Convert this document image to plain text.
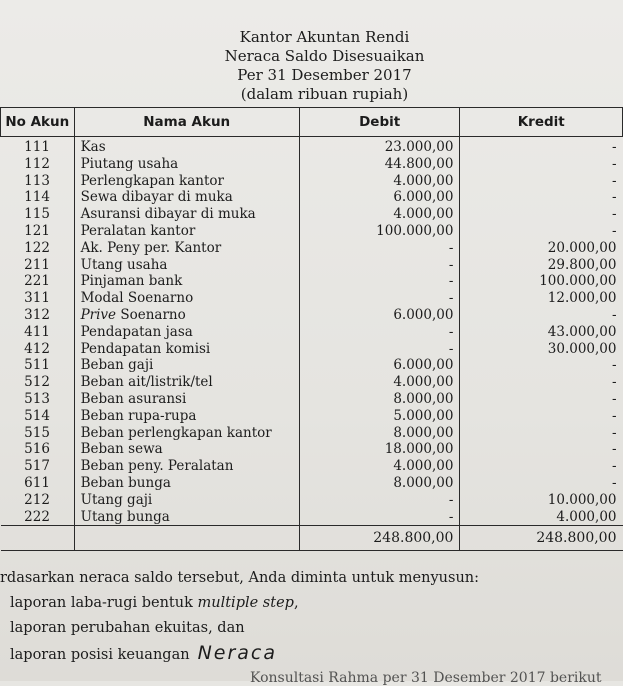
Kantor Akuntan Rendi
Neraca Saldo Disesuaikan
Per 31 Desember 2017
(dalam ribuan rupiah)
No Akun	Nama Akun	Debit	Kredit
111	Kas	23.000,00	-
112	Piutang usaha	44.800,00	-
113	Perlengkapan kantor	4.000,00	-
114	Sewa dibayar di muka	6.000,00	-
115	Asuransi dibayar di muka	4.000,00	-
121	Peralatan kantor	100.000,00	-
122	Ak. Peny per. Kantor	-	20.000,00
211	Utang usaha	-	29.800,00
221	Pinjaman bank	-	100.000,00
311	Modal Soenarno	-	12.000,00
312	Prive Soenarno	6.000,00	-
411	Pendapatan jasa	-	43.000,00
412	Pendapatan komisi	-	30.000,00
511	Beban gaji	6.000,00	-
512	Beban ait/listrik/tel	4.000,00	-
513	Beban asuransi	8.000,00	-
514	Beban rupa-rupa	5.000,00	-
515	Beban perlengkapan kantor	8.000,00	-
516	Beban sewa	18.000,00	-
517	Beban peny. Peralatan	4.000,00	-
611	Beban bunga	8.000,00	-
212	Utang gaji	-	10.000,00
222	Utang bunga	-	4.000,00
		248.800,00	248.800,00
rdasarkan neraca saldo tersebut, Anda diminta untuk menyusun:
laporan laba-rugi bentuk multiple step,
laporan perubahan ekuitas, dan
laporan posisi keuangan Neraca
Konsultasi Rahma per 31 Desember 2017 berikut
